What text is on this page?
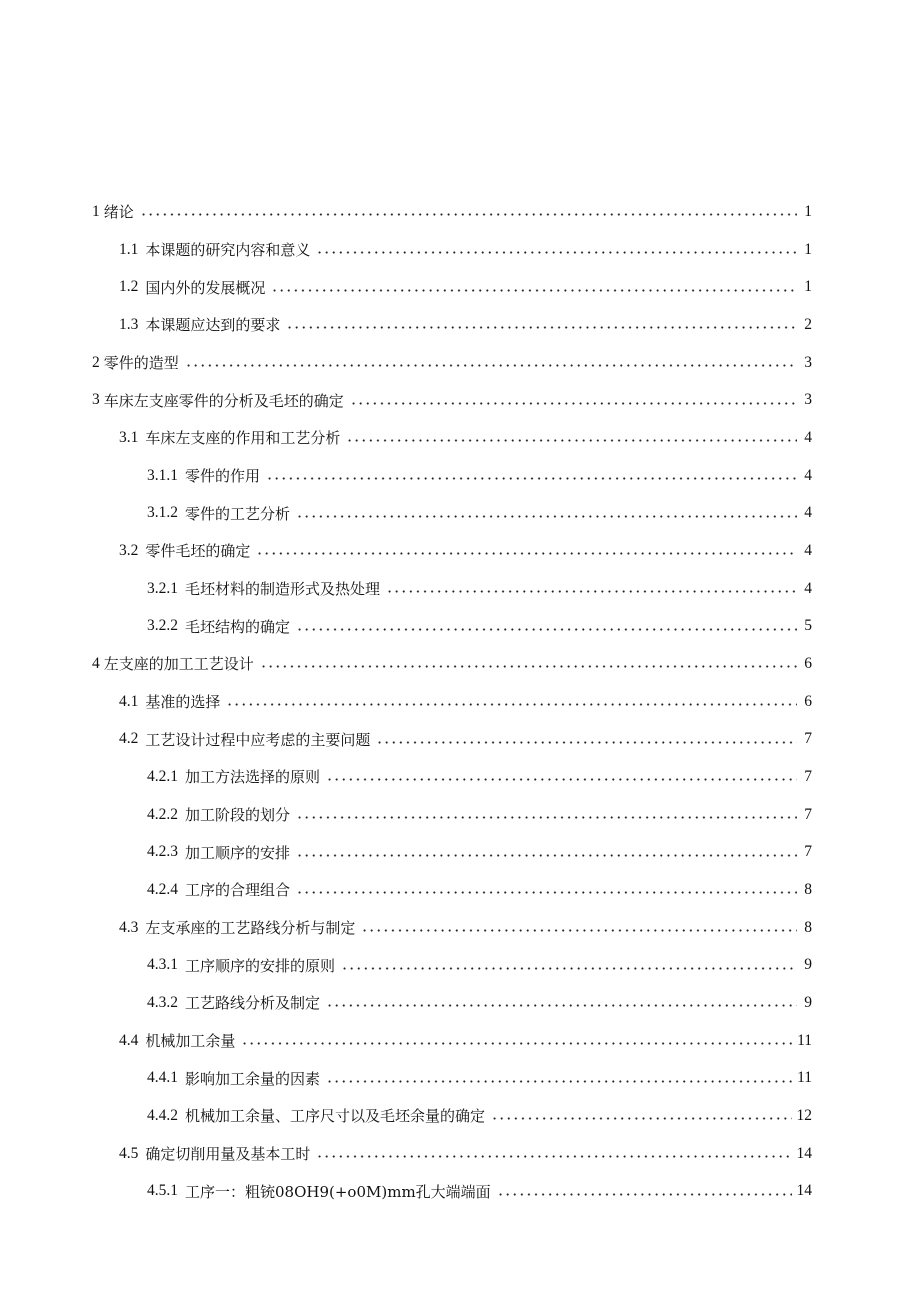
1 绪论	1
1.1 本课题的研究内容和意义	1
1.2 国内外的发展概况	1
1.3 本课题应达到的要求	2
2 零件的造型	3
3 车床左支座零件的分析及毛坯的确定	3
3.1 车床左支座的作用和工艺分析	4
3.1.1 零件的作用	4
3.1.2 零件的工艺分析	4
3.2 零件毛坯的确定	4
3.2.1 毛坯材料的制造形式及热处理	4
3.2.2 毛坯结构的确定	5
4 左支座的加工工艺设计	6
4.1 基准的选择	6
4.2 工艺设计过程中应考虑的主要问题	7
4.2.1 加工方法选择的原则	7
4.2.2 加工阶段的划分	7
4.2.3 加工顺序的安排	7
4.2.4 工序的合理组合	8
4.3 左支承座的工艺路线分析与制定	8
4.3.1 工序顺序的安排的原则	9
4.3.2 工艺路线分析及制定	9
4.4 机械加工余量	11
4.4.1 影响加工余量的因素	11
4.4.2 机械加工余量、工序尺寸以及毛坯余量的确定	12
4.5 确定切削用量及基本工时	14
4.5.1 工序一：粗铳08OH9(+o0M)mm孔大端端面	14
